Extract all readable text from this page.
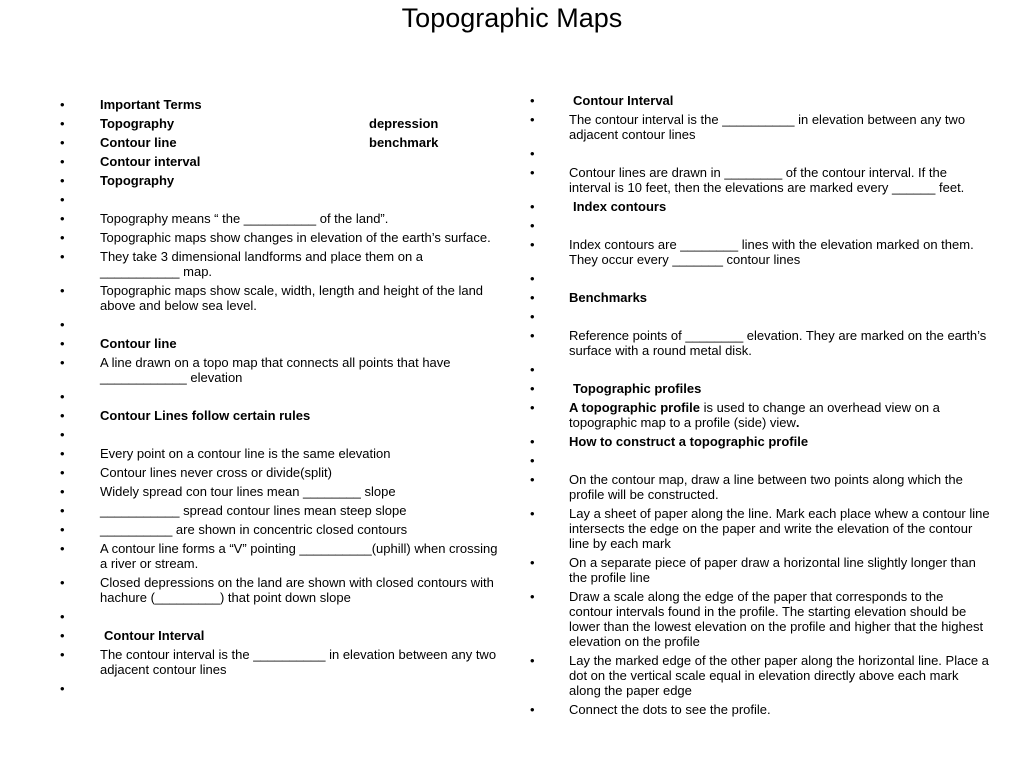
Topographic Maps
• Important Terms
• Topography	depression
• Contour line	benchmark
• Contour interval
• Topography
•
• Topography means “ the __________ of the land”.
• Topographic maps show changes in elevation of the earth’s surface.
• They take 3 dimensional landforms and place them on a ___________ map.
• Topographic maps show scale, width, length and height of the land above and below sea level.
•
• Contour line
• A line drawn on a topo map that connects all points that have ____________ elevation
•
• Contour Lines follow certain rules
•
• Every point on a contour line is the same elevation
• Contour lines never cross or divide(split)
• Widely spread con tour lines mean ________ slope
• ___________ spread contour lines mean steep slope
• __________ are shown in concentric closed contours
• A contour line forms a “V” pointing __________(uphill) when crossing a river or stream.
• Closed depressions on the land are shown with closed contours with hachure (_________) that point down slope
•
• Contour Interval
• The contour interval is the __________ in elevation between any two adjacent contour lines
•
• Contour Interval
• The contour interval is the __________ in elevation between any two adjacent contour lines
•
• Contour lines are drawn in ________ of the contour interval. If the interval is 10 feet, then the elevations are marked every ______ feet.
• Index contours
•
• Index contours are ________ lines with the elevation marked on them. They occur every _______ contour lines
•
• Benchmarks
•
• Reference points of ________ elevation. They are marked on the earth’s surface with a round metal disk.
•
• Topographic profiles
• A topographic profile is used to change an overhead view on a topographic map to a profile (side) view.
• How to construct a topographic profile
•
• On the contour map, draw a line between two points along which the profile will be constructed.
• Lay a sheet of paper along the line. Mark each place whew a contour line intersects the edge on the paper and write the elevation of the contour line by each mark
• On a separate piece of paper draw a horizontal line slightly longer than the profile line
• Draw a scale along the edge of the paper that corresponds to the contour intervals found in the profile. The starting elevation should be lower than the lowest elevation on the profile and higher that the highest elevation on the profile
• Lay the marked edge of the other paper along the horizontal line. Place a dot on the vertical scale equal in elevation directly above each mark along the paper edge
• Connect the dots to see the profile.
